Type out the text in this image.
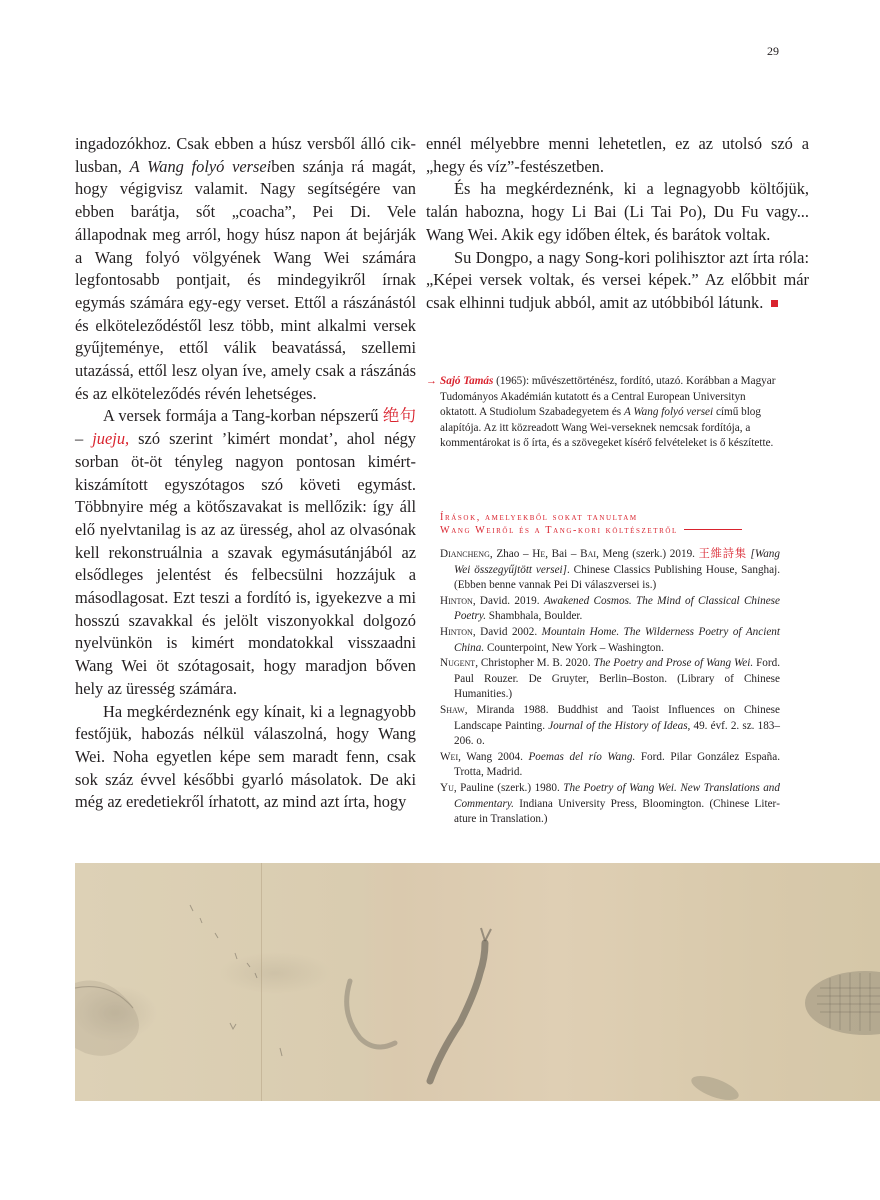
29

ingadozókhoz. Csak ebben a húsz versből álló ciklusban, A Wang folyó verseiben szánja rá magát, hogy végigvisz valamit. Nagy segítségére van ebben barátja, sőt „coacha”, Pei Di. Vele állapodnak meg arról, hogy húsz napon át bejárják a Wang folyó völgyének Wang Wei számára legfontosabb pontjait, és mindegyikről írnak egymás számára egy-egy verset. Ettől a rászánástól és elköteleződéstől lesz több, mint alkalmi versek gyűjteménye, ettől válik beavatássá, szellemi utazássá, ettől lesz olyan íve, amely csak a rászánás és az elköteleződés révén lehetséges.

A versek formája a Tang-korban népszerű 绝句 – jueju, szó szerint ’kimért mondat’, ahol négy sorban öt-öt tényleg nagyon pontosan kimért-kiszámított egyszótagos szó követi egymást. Többnyire még a kötőszavakat is mellőzik: így áll elő nyelvtanilag is az az üresség, ahol az olvasónak kell rekonstruálnia a szavak egymásutánjából az elsődleges jelentést és felbecsülni hozzájuk a másodlagosat. Ezt teszi a fordító is, igyekezve a mi hosszú szavakkal és jelölt viszonyokkal dolgozó nyelvünkön is kimért mondatokkal visszaadni Wang Wei öt szótagosait, hogy maradjon bőven hely az üresség számára.

Ha megkérdeznénk egy kínait, ki a legnagyobb festőjük, habozás nélkül válaszolná, hogy Wang Wei. Noha egyetlen képe sem maradt fenn, csak sok száz évvel későbbi gyarló másolatok. De aki még az eredetiekről írhatott, az mind azt írta, hogy

ennél mélyebbre menni lehetetlen, ez az utolsó szó a „hegy és víz”-festészetben.

És ha megkérdeznénk, ki a legnagyobb költőjük, talán habozna, hogy Li Bai (Li Tai Po), Du Fu vagy... Wang Wei. Akik egy időben éltek, és barátok voltak.

Su Dongpo, a nagy Song-kori polihisztor azt írta róla: „Képei versek voltak, és versei képek.” Az előbbit már csak elhinni tudjuk abból, amit az utóbbiból látunk.

→ Sajó Tamás (1965): művészettörténész, fordító, utazó. Korábban a Magyar Tudományos Akadémián kutatott és a Central European Universityn oktatott. A Studiolum Szabadegyetem és A Wang folyó versei című blog alapítója. Az itt közreadott Wang Wei-verseknek nemcsak fordítója, a kommentárokat is ő írta, és a szövegeket kísérő felvételeket is ő készítette.
Írások, amelyekből sokat tanultam
Wang Weiről és a Tang-kori költészetről

Diancheng, Zhao – He, Bai – Bai, Meng (szerk.) 2019. 王維詩集 [Wang Wei összegyűjtött versei]. Chinese Classics Publishing House, Sanghaj. (Ebben benne vannak Pei Di válaszversei is.)

Hinton, David. 2019. Awakened Cosmos. The Mind of Classical Chinese Poetry. Shambhala, Boulder.

Hinton, David 2002. Mountain Home. The Wilderness Poetry of Ancient China. Counterpoint, New York – Washington.

Nugent, Christopher M. B. 2020. The Poetry and Prose of Wang Wei. Ford. Paul Rouzer. De Gruyter, Berlin–Boston. (Library of Chinese Humanities.)

Shaw, Miranda 1988. Buddhist and Taoist Influences on Chinese Landscape Painting. Journal of the History of Ideas, 49. évf. 2. sz. 183–206. o.

Wei, Wang 2004. Poemas del río Wang. Ford. Pilar González España. Trotta, Madrid.

Yu, Pauline (szerk.) 1980. The Poetry of Wang Wei. New Translations and Commentary. Indiana University Press, Bloomington. (Chinese Literature in Translation.)
